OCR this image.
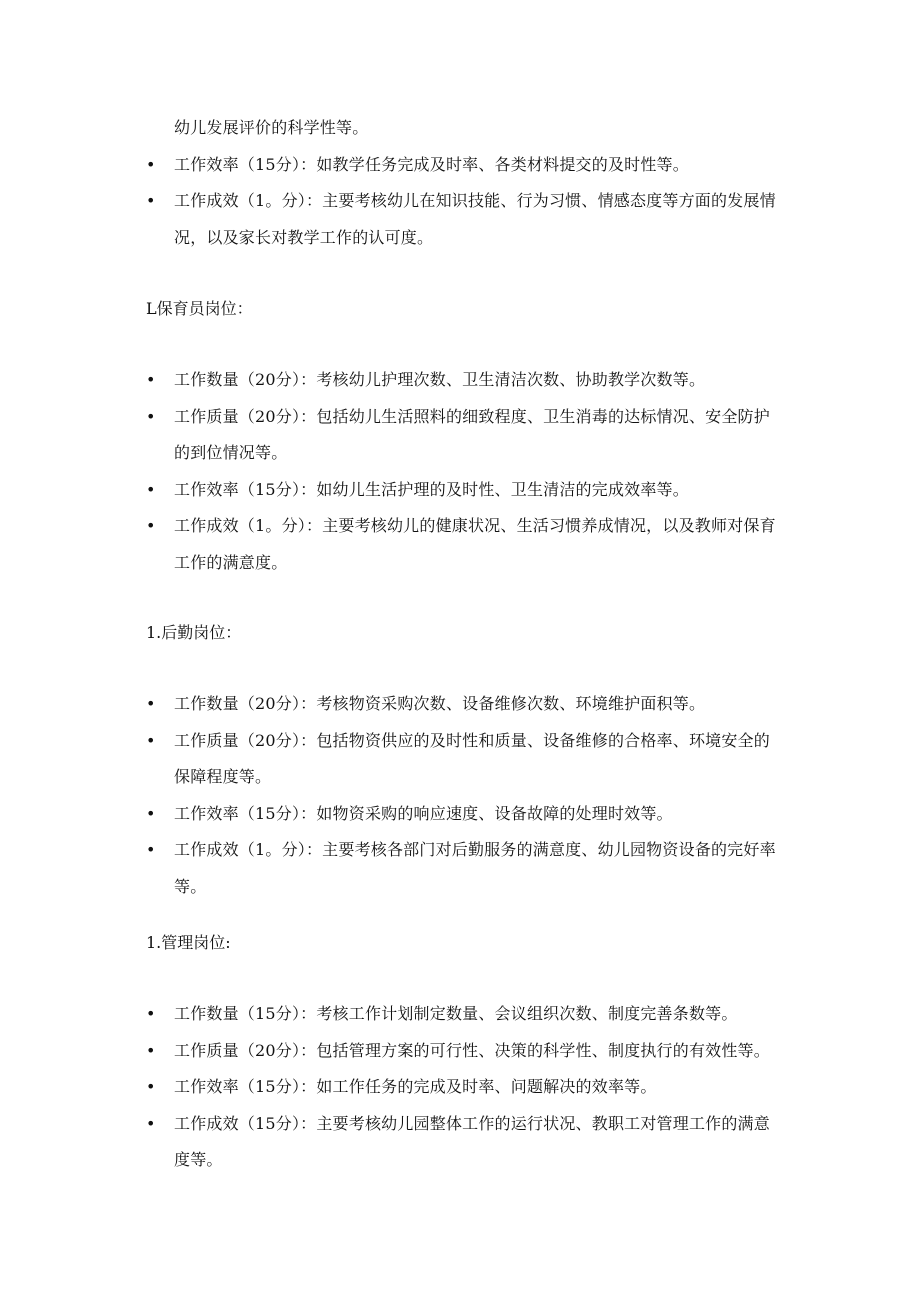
幼儿发展评价的科学性等。
• 工作效率（15分）：如教学任务完成及时率、各类材料提交的及时性等。
• 工作成效（1。分）：主要考核幼儿在知识技能、行为习惯、情感态度等方面的发展情
况，以及家长对教学工作的认可度。
L保育员岗位：
• 工作数量（20分）：考核幼儿护理次数、卫生清洁次数、协助教学次数等。
• 工作质量（20分）：包括幼儿生活照料的细致程度、卫生消毒的达标情况、安全防护
的到位情况等。
• 工作效率（15分）：如幼儿生活护理的及时性、卫生清洁的完成效率等。
• 工作成效（1。分）：主要考核幼儿的健康状况、生活习惯养成情况，以及教师对保育
工作的满意度。
1.后勤岗位：
• 工作数量（20分）：考核物资采购次数、设备维修次数、环境维护面积等。
• 工作质量（20分）：包括物资供应的及时性和质量、设备维修的合格率、环境安全的
保障程度等。
• 工作效率（15分）：如物资采购的响应速度、设备故障的处理时效等。
• 工作成效（1。分）：主要考核各部门对后勤服务的满意度、幼儿园物资设备的完好率
等。
1.管理岗位:
• 工作数量（15分）：考核工作计划制定数量、会议组织次数、制度完善条数等。
• 工作质量（20分）：包括管理方案的可行性、决策的科学性、制度执行的有效性等。
• 工作效率（15分）：如工作任务的完成及时率、问题解决的效率等。
• 工作成效（15分）：主要考核幼儿园整体工作的运行状况、教职工对管理工作的满意
度等。
